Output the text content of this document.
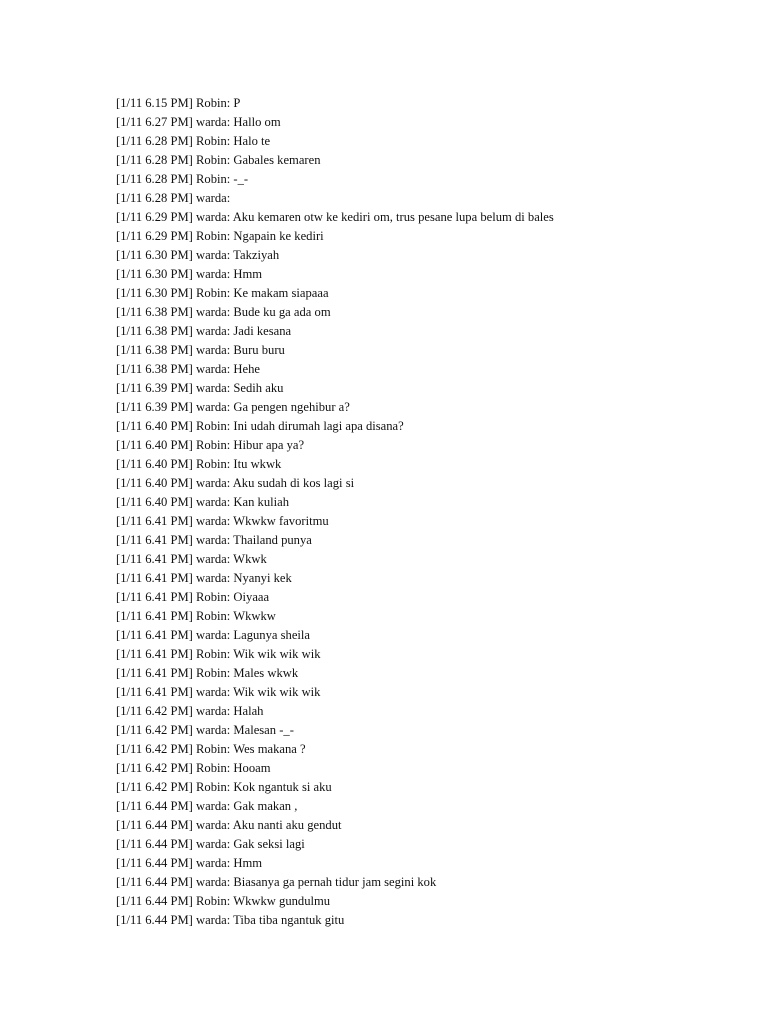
[1/11 6.15 PM] Robin: P
[1/11 6.27 PM] warda: Hallo om
[1/11 6.28 PM] Robin: Halo te
[1/11 6.28 PM] Robin: Gabales kemaren
[1/11 6.28 PM] Robin: -_-
[1/11 6.28 PM] warda:
[1/11 6.29 PM] warda: Aku kemaren otw ke kediri om, trus pesane lupa belum di bales
[1/11 6.29 PM] Robin: Ngapain ke kediri
[1/11 6.30 PM] warda: Takziyah
[1/11 6.30 PM] warda: Hmm
[1/11 6.30 PM] Robin: Ke makam siapaaa
[1/11 6.38 PM] warda: Bude ku ga ada om
[1/11 6.38 PM] warda: Jadi kesana
[1/11 6.38 PM] warda: Buru buru
[1/11 6.38 PM] warda: Hehe
[1/11 6.39 PM] warda: Sedih aku
[1/11 6.39 PM] warda: Ga pengen ngehibur a?
[1/11 6.40 PM] Robin: Ini udah dirumah lagi apa disana?
[1/11 6.40 PM] Robin: Hibur apa ya?
[1/11 6.40 PM] Robin: Itu wkwk
[1/11 6.40 PM] warda: Aku sudah di kos lagi si
[1/11 6.40 PM] warda: Kan kuliah
[1/11 6.41 PM] warda: Wkwkw favoritmu
[1/11 6.41 PM] warda: Thailand punya
[1/11 6.41 PM] warda: Wkwk
[1/11 6.41 PM] warda: Nyanyi kek
[1/11 6.41 PM] Robin: Oiyaaa
[1/11 6.41 PM] Robin: Wkwkw
[1/11 6.41 PM] warda: Lagunya sheila
[1/11 6.41 PM] Robin: Wik wik wik wik
[1/11 6.41 PM] Robin: Males wkwk
[1/11 6.41 PM] warda: Wik wik wik wik
[1/11 6.42 PM] warda: Halah
[1/11 6.42 PM] warda: Malesan -_-
[1/11 6.42 PM] Robin: Wes makana ?
[1/11 6.42 PM] Robin: Hooam
[1/11 6.42 PM] Robin: Kok ngantuk si aku
[1/11 6.44 PM] warda: Gak makan ,
[1/11 6.44 PM] warda: Aku nanti aku gendut
[1/11 6.44 PM] warda: Gak seksi lagi
[1/11 6.44 PM] warda: Hmm
[1/11 6.44 PM] warda: Biasanya ga pernah tidur jam segini kok
[1/11 6.44 PM] Robin: Wkwkw gundulmu
[1/11 6.44 PM] warda: Tiba tiba ngantuk gitu
